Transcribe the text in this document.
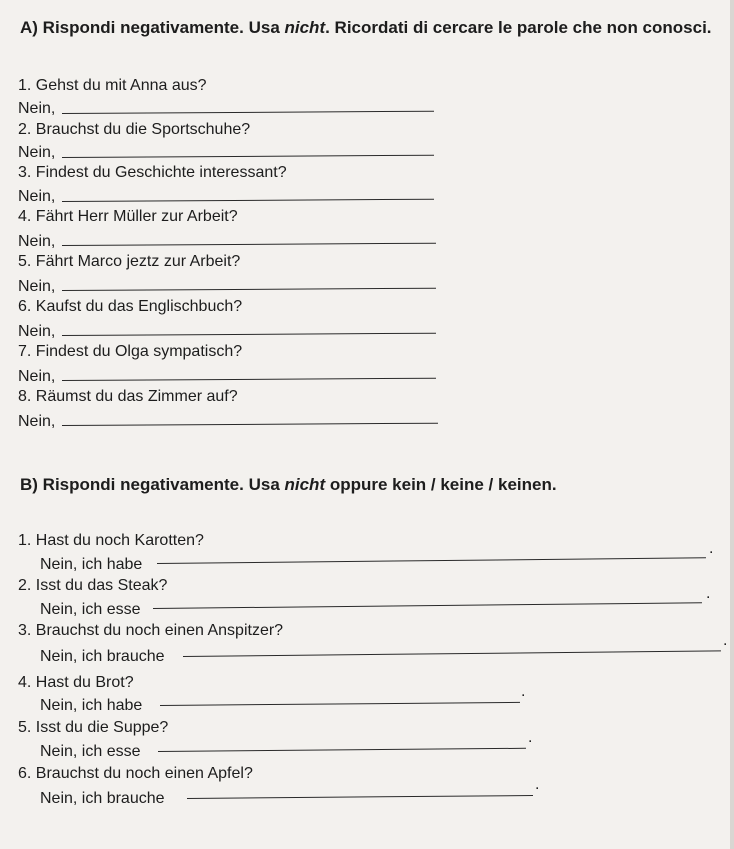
A) Rispondi negativamente. Usa nicht. Ricordati di cercare le parole che non conosci.
1. Gehst du mit Anna aus?
Nein,
2. Brauchst du die Sportschuhe?
Nein,
3. Findest du Geschichte interessant?
Nein,
4. Fährt Herr Müller zur Arbeit?
Nein,
5. Fährt Marco jeztz zur Arbeit?
Nein,
6. Kaufst du das Englischbuch?
Nein,
7. Findest du Olga sympatisch?
Nein,
8. Räumst du das Zimmer auf?
Nein,
B) Rispondi negativamente. Usa nicht oppure kein / keine / keinen.
1. Hast du noch Karotten?
Nein, ich habe
.
2. Isst du das Steak?
Nein, ich esse
.
3. Brauchst du noch einen Anspitzer?
Nein, ich brauche
.
4. Hast du Brot?
Nein, ich habe
.
5. Isst du die Suppe?
Nein, ich esse
.
6. Brauchst du noch einen Apfel?
Nein, ich brauche
.
